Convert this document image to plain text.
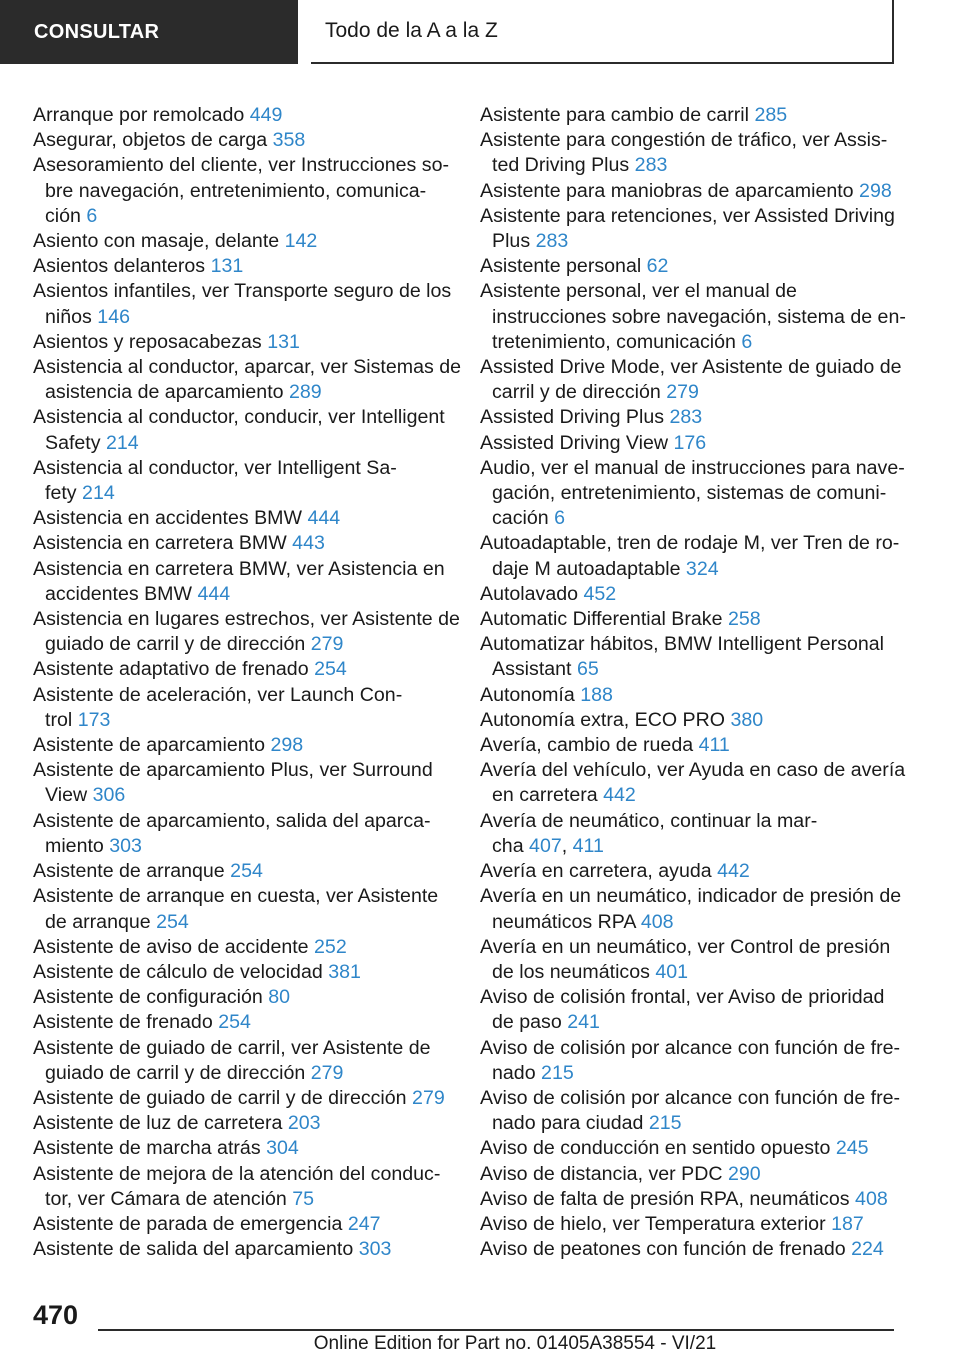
CONSULTAR	Todo de la A a la Z
Arranque por remolcado 449
Asegurar, objetos de carga 358
Asesoramiento del cliente, ver Instrucciones so-
bre navegación, entretenimiento, comunica-
ción 6
Asiento con masaje, delante 142
Asientos delanteros 131
Asientos infantiles, ver Transporte seguro de los
niños 146
Asientos y reposacabezas 131
Asistencia al conductor, aparcar, ver Sistemas de
asistencia de aparcamiento 289
Asistencia al conductor, conducir, ver Intelligent
Safety 214
Asistencia al conductor, ver Intelligent Sa-
fety 214
Asistencia en accidentes BMW 444
Asistencia en carretera BMW 443
Asistencia en carretera BMW, ver Asistencia en
accidentes BMW 444
Asistencia en lugares estrechos, ver Asistente de
guiado de carril y de dirección 279
Asistente adaptativo de frenado 254
Asistente de aceleración, ver Launch Con-
trol 173
Asistente de aparcamiento 298
Asistente de aparcamiento Plus, ver Surround
View 306
Asistente de aparcamiento, salida del aparca-
miento 303
Asistente de arranque 254
Asistente de arranque en cuesta, ver Asistente
de arranque 254
Asistente de aviso de accidente 252
Asistente de cálculo de velocidad 381
Asistente de configuración 80
Asistente de frenado 254
Asistente de guiado de carril, ver Asistente de
guiado de carril y de dirección 279
Asistente de guiado de carril y de dirección 279
Asistente de luz de carretera 203
Asistente de marcha atrás 304
Asistente de mejora de la atención del conduc-
tor, ver Cámara de atención 75
Asistente de parada de emergencia 247
Asistente de salida del aparcamiento 303
Asistente para cambio de carril 285
Asistente para congestión de tráfico, ver Assis-
ted Driving Plus 283
Asistente para maniobras de aparcamiento 298
Asistente para retenciones, ver Assisted Driving
Plus 283
Asistente personal 62
Asistente personal, ver el manual de
instrucciones sobre navegación, sistema de en-
tretenimiento, comunicación 6
Assisted Drive Mode, ver Asistente de guiado de
carril y de dirección 279
Assisted Driving Plus 283
Assisted Driving View 176
Audio, ver el manual de instrucciones para nave-
gación, entretenimiento, sistemas de comuni-
cación 6
Autoadaptable, tren de rodaje M, ver Tren de ro-
daje M autoadaptable 324
Autolavado 452
Automatic Differential Brake 258
Automatizar hábitos, BMW Intelligent Personal
Assistant 65
Autonomía 188
Autonomía extra, ECO PRO 380
Avería, cambio de rueda 411
Avería del vehículo, ver Ayuda en caso de avería
en carretera 442
Avería de neumático, continuar la mar-
cha 407, 411
Avería en carretera, ayuda 442
Avería en un neumático, indicador de presión de
neumáticos RPA 408
Avería en un neumático, ver Control de presión
de los neumáticos 401
Aviso de colisión frontal, ver Aviso de prioridad
de paso 241
Aviso de colisión por alcance con función de fre-
nado 215
Aviso de colisión por alcance con función de fre-
nado para ciudad 215
Aviso de conducción en sentido opuesto 245
Aviso de distancia, ver PDC 290
Aviso de falta de presión RPA, neumáticos 408
Aviso de hielo, ver Temperatura exterior 187
Aviso de peatones con función de frenado 224
470
Online Edition for Part no. 01405A38554 - VI/21
